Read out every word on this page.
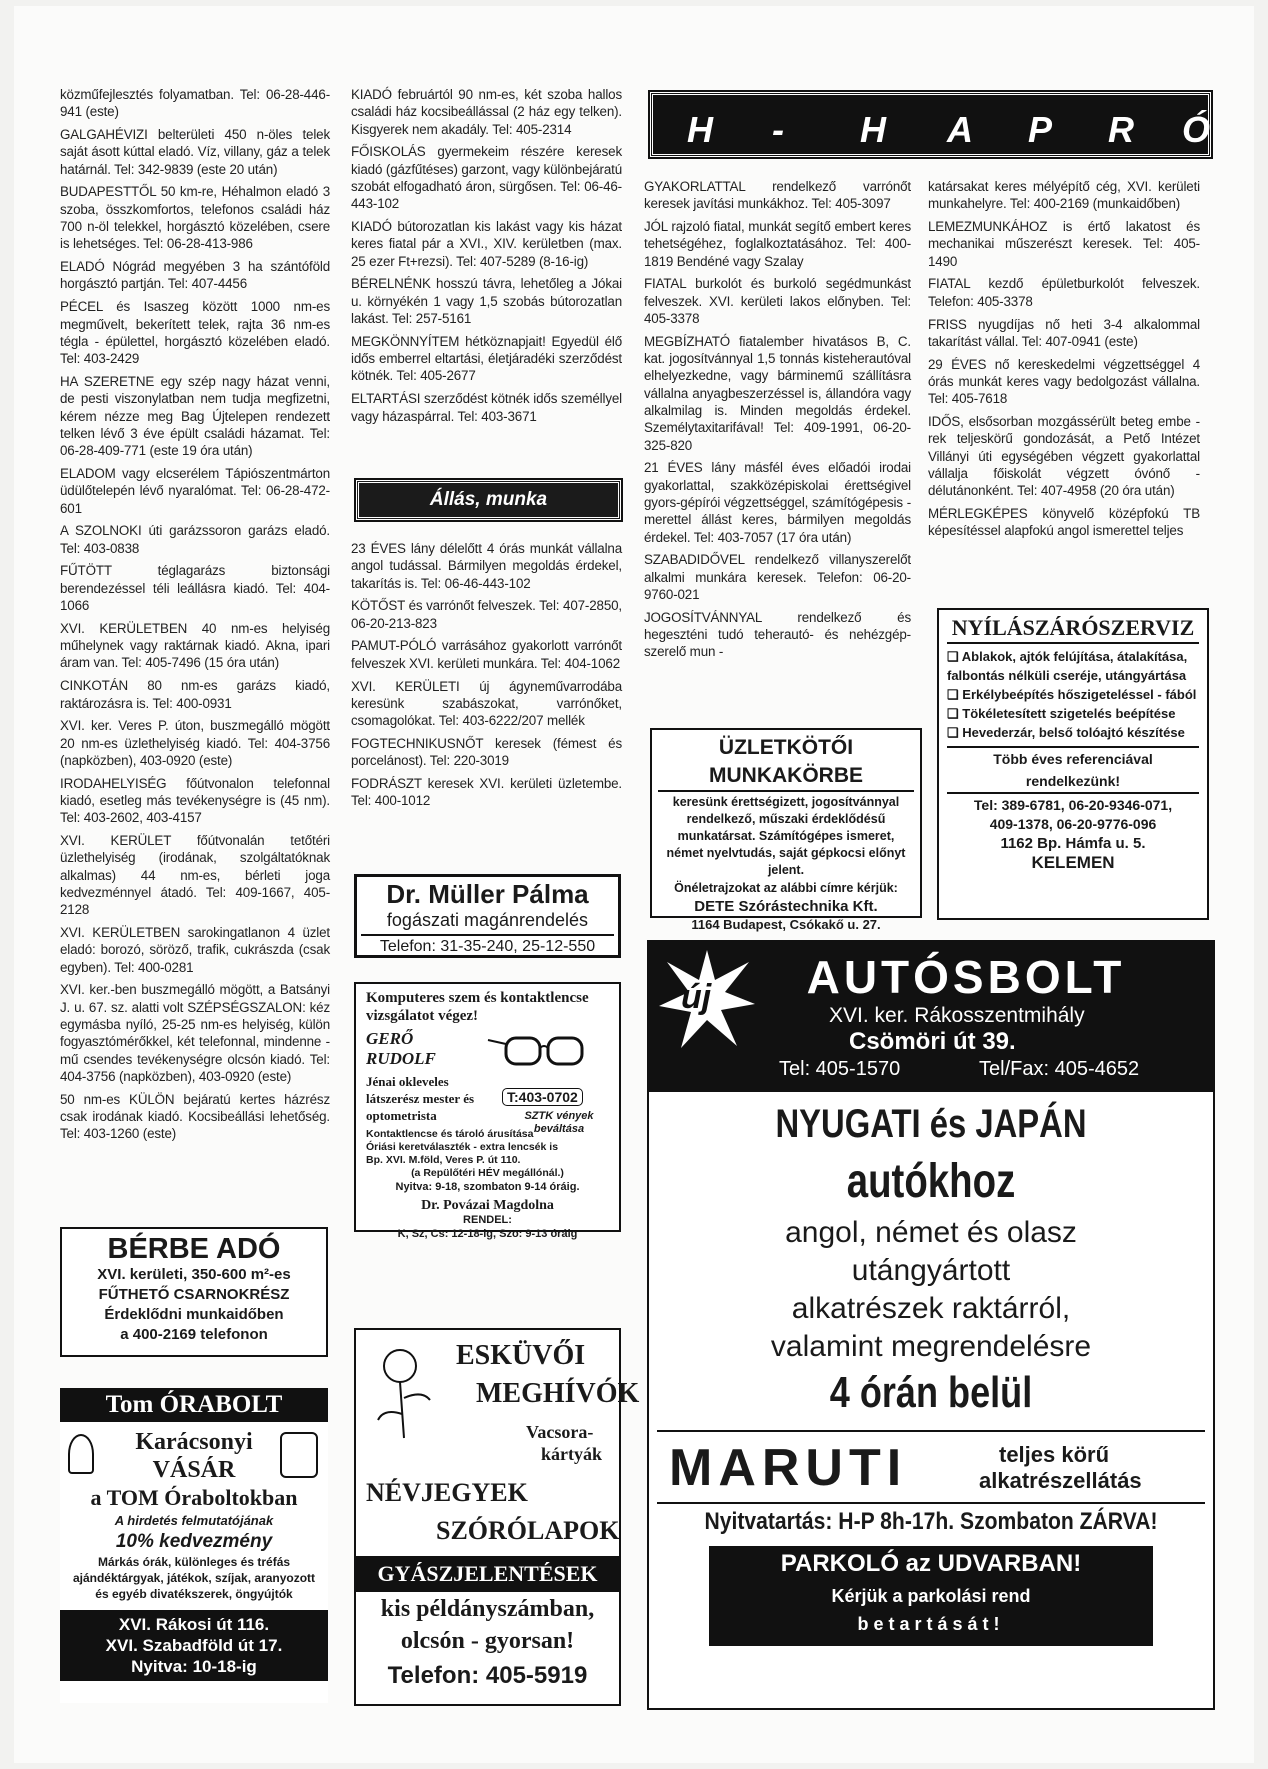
közműfejlesztés folyamatban. Tel: 06-28-446-941 (este)

GALGAHÉVIZI belterületi 450 n-öles telek saját ásott kúttal eladó. Víz, villany, gáz a telek határnál. Tel: 342-9839 (este 20 után)

BUDAPESTTŐL 50 km-re, Héhalmon eladó 3 szoba, összkomfortos, telefonos családi ház 700 n-öl telekkel, horgásztó közelében, csere is lehetséges. Tel: 06-28-413-986

ELADÓ Nógrád megyében 3 ha szántóföld horgásztó partján. Tel: 407-4456

PÉCEL és Isaszeg között 1000 nm-es megművelt, bekerített telek, rajta 36 nm-es tégla - épülettel, horgásztó közelében eladó. Tel: 403-2429

HA SZERETNE egy szép nagy házat venni, de pesti viszonylatban nem tudja megfizetni, kérem nézze meg Bag Újtelepen rendezett telken lévő 3 éve épült családi házamat. Tel: 06-28-409-771 (este 19 óra után)

ELADOM vagy elcserélem Tápiószentmárton üdülőtelepén lévő nyaralómat. Tel: 06-28-472-601

A SZOLNOKI úti garázssoron garázs eladó. Tel: 403-0838

FŰTÖTT téglagarázs biztonsági berendezéssel téli leállásra kiadó. Tel: 404-1066

XVI. KERÜLETBEN 40 nm-es helyiség műhelynek vagy raktárnak kiadó. Akna, ipari áram van. Tel: 405-7496 (15 óra után)

CINKOTÁN 80 nm-es garázs kiadó, raktározásra is. Tel: 400-0931

XVI. ker. Veres P. úton, buszmegálló mögött 20 nm-es üzlethelyiség kiadó. Tel: 404-3756 (napközben), 403-0920 (este)

IRODAHELYISÉG főútvonalon telefonnal kiadó, esetleg más tevékenységre is (45 nm). Tel: 403-2602, 403-4157

XVI. KERÜLET főútvonalán tetőtéri üzlethelyiség (irodának, szolgáltatóknak alkalmas) 44 nm-es, bérleti joga kedvezménnyel átadó. Tel: 409-1667, 405-2128

XVI. KERÜLETBEN sarokingatlanon 4 üzlet eladó: borozó, söröző, trafik, cukrászda (csak egyben). Tel: 400-0281

XVI. ker.-ben buszmegálló mögött, a Batsányi J. u. 67. sz. alatti volt SZÉPSÉGSZALON: kéz egymásba nyíló, 25-25 nm-es helyiség, külön fogyasztómérőkkel, két telefonnal, mindenne - mű csendes tevékenységre olcsón kiadó. Tel: 404-3756 (napközben), 403-0920 (este)

50 nm-es KÜLÖN bejáratú kertes házrész csak irodának kiadó. Kocsibeállási lehetőség. Tel: 403-1260 (este)

BÉRBE ADÓ
XVI. kerületi, 350-600 m²-es
FŰTHETŐ CSARNOKRÉSZ
Érdeklődni munkaidőben
a 400-2169 telefonon
Tom ÓRABOLT
Karácsonyi
VÁSÁR
a TOM Óraboltokban
A hirdetés felmutatójának
10% kedvezmény
Márkás órák, különleges és tréfás ajándéktárgyak, játékok, szíjak, aranyozott és egyéb divatékszerek, öngyújtók
XVI. Rákosi út 116.
XVI. Szabadföld út 17.
Nyitva: 10-18-ig

KIADÓ februártól 90 nm-es, két szoba hallos családi ház kocsibeállással (2 ház egy telken). Kisgyerek nem akadály. Tel: 405-2314

FŐISKOLÁS gyermekeim részére keresek kiadó (gázfűtéses) garzont, vagy különbejáratú szobát elfogadható áron, sürgősen. Tel: 06-46-443-102

KIADÓ bútorozatlan kis lakást vagy kis házat keres fiatal pár a XVI., XIV. kerületben (max. 25 ezer Ft+rezsi). Tel: 407-5289 (8-16-ig)

BÉRELNÉNK hosszú távra, lehetőleg a Jókai u. környékén 1 vagy 1,5 szobás bútorozatlan lakást. Tel: 257-5161

MEGKÖNNYÍTEM hétköznapjait! Egyedül élő idős emberrel eltartási, életjáradéki szerződést kötnék. Tel: 405-2677

ELTARTÁSI szerződést kötnék idős személlyel vagy házaspárral. Tel: 403-3671

Állás, munka

23 ÉVES lány délelőtt 4 órás munkát vállalna angol tudással. Bármilyen megoldás érdekel, takarítás is. Tel: 06-46-443-102

KÖTŐST és varrónőt felveszek. Tel: 407-2850, 06-20-213-823

PAMUT-PÓLÓ varrásához gyakorlott varrónőt felveszek XVI. kerületi munkára. Tel: 404-1062

XVI. KERÜLETI új ágyneművarrodába keresünk szabászokat, varrónőket, csomagolókat. Tel: 403-6222/207 mellék

FOGTECHNIKUSNŐT keresek (fémest és porcelánost). Tel: 220-3019

FODRÁSZT keresek XVI. kerületi üzletembe. Tel: 400-1012

Dr. Müller Pálma
fogászati magánrendelés
Telefon: 31-35-240, 25-12-550
Komputeres szem és kontaktlencse vizsgálatot végez!
GERŐ
RUDOLF
Jénai okleveles látszerész mester és optometrista
T:403-0702
SZTK vények beváltása
Kontaktlencse és tároló árusítása
Óriási keretválaszték - extra lencsék is
Bp. XVI. M.föld, Veres P. út 110.
(a Repülőtéri HÉV megállónál.)
Nyitva: 9-18, szombaton 9-14 óráig.
Dr. Povázai Magdolna
RENDEL:
K, Sz, Cs: 12-18-ig, Szo: 9-13 óráig
ESKÜVŐI
MEGHÍVÓK
Vacsora-
kártyák
NÉVJEGYEK
SZÓRÓLAPOK
GYÁSZJELENTÉSEK
kis példányszámban,
olcsón - gyorsan!
Telefon: 405-5919
H	-	H	A	P	R	Ó

GYAKORLATTAL rendelkező varrónőt keresek javítási munkákhoz. Tel: 405-3097

JÓL rajzoló fiatal, munkát segítő embert keres tehetségéhez, foglalkoztatásához. Tel: 400-1819 Bendéné vagy Szalay

FIATAL burkolót és burkoló segédmunkást felveszek. XVI. kerületi lakos előnyben. Tel: 405-3378

MEGBÍZHATÓ fiatalember hivatásos B, C. kat. jogosítvánnyal 1,5 tonnás kisteherautóval elhelyezkedne, vagy bárminemű szállításra vállalna anyagbeszerzéssel is, állandóra vagy alkalmilag is. Minden megoldás érdekel. Személytaxitarifával! Tel: 409-1991, 06-20-325-820

21 ÉVES lány másfél éves előadói irodai gyakorlattal, szakközépiskolai érettségivel gyors-gépírói végzettséggel, számítógépesis - merettel állást keres, bármilyen megoldás érdekel. Tel: 403-7057 (17 óra után)

SZABADIDŐVEL rendelkező villanyszerelőt alkalmi munkára keresek. Telefon: 06-20-9760-021

JOGOSÍTVÁNNYAL rendelkező és hegeszténi tudó teherautó- és nehézgép-szerelő mun -

katársakat keres mélyépítő cég, XVI. kerületi munkahelyre. Tel: 400-2169 (munkaidőben)

LEMEZMUNKÁHOZ is értő lakatost és mechanikai műszerészt keresek. Tel: 405-1490

FIATAL kezdő épületburkolót felveszek. Telefon: 405-3378

FRISS nyugdíjas nő heti 3-4 alkalommal takarítást vállal. Tel: 407-0941 (este)

29 ÉVES nő kereskedelmi végzettséggel 4 órás munkát keres vagy bedolgozást vállalna. Tel: 405-7618

IDŐS, elsősorban mozgássérült beteg embe - rek teljeskörű gondozását, a Pető Intézet Villányi úti egységében végzett gyakorlattal vállalja főiskolát végzett óvónő - délutánonként. Tel: 407-4958 (20 óra után)

MÉRLEGKÉPES könyvelő középfokú TB képesítéssel alapfokú angol ismerettel teljes

ÜZLETKÖTŐI MUNKAKÖRBE
keresünk érettségizett, jogosítvánnyal rendelkező, műszaki érdeklődésű munkatársat. Számítógépes ismeret, német nyelvtudás, saját gépkocsi előnyt jelent.
Önéletrajzokat az alábbi címre kérjük:
DETE Szórástechnika Kft.
1164 Budapest, Csókakő u. 27.
NYÍLÁSZÁRÓSZERVIZ
❑ Ablakok, ajtók felújítása, átalakítása, falbontás nélküli cseréje, utángyártása
❑ Erkélybeépítés hőszigeteléssel - fából
❑ Tökéletesített szigetelés beépítése
❑ Hevederzár, belső tolóajtó készítése
Több éves referenciával rendelkezünk!
Tel: 389-6781, 06-20-9346-071,
409-1378, 06-20-9776-096
1162 Bp. Hámfa u. 5.
KELEMEN
új	AUTÓSBOLT
XVI. ker. Rákosszentmihály
Csömöri út 39.
Tel: 405-1570	Tel/Fax: 405-4652
NYUGATI és JAPÁN
autókhoz
angol, német és olasz
utángyártott
alkatrészek raktárról,
valamint megrendelésre
4 órán belül
MARUTI	teljes körű
alkatrészellátás
Nyitvatartás: H-P 8h-17h. Szombaton ZÁRVA!
PARKOLÓ az UDVARBAN!
Kérjük a parkolási rend
betartását!
